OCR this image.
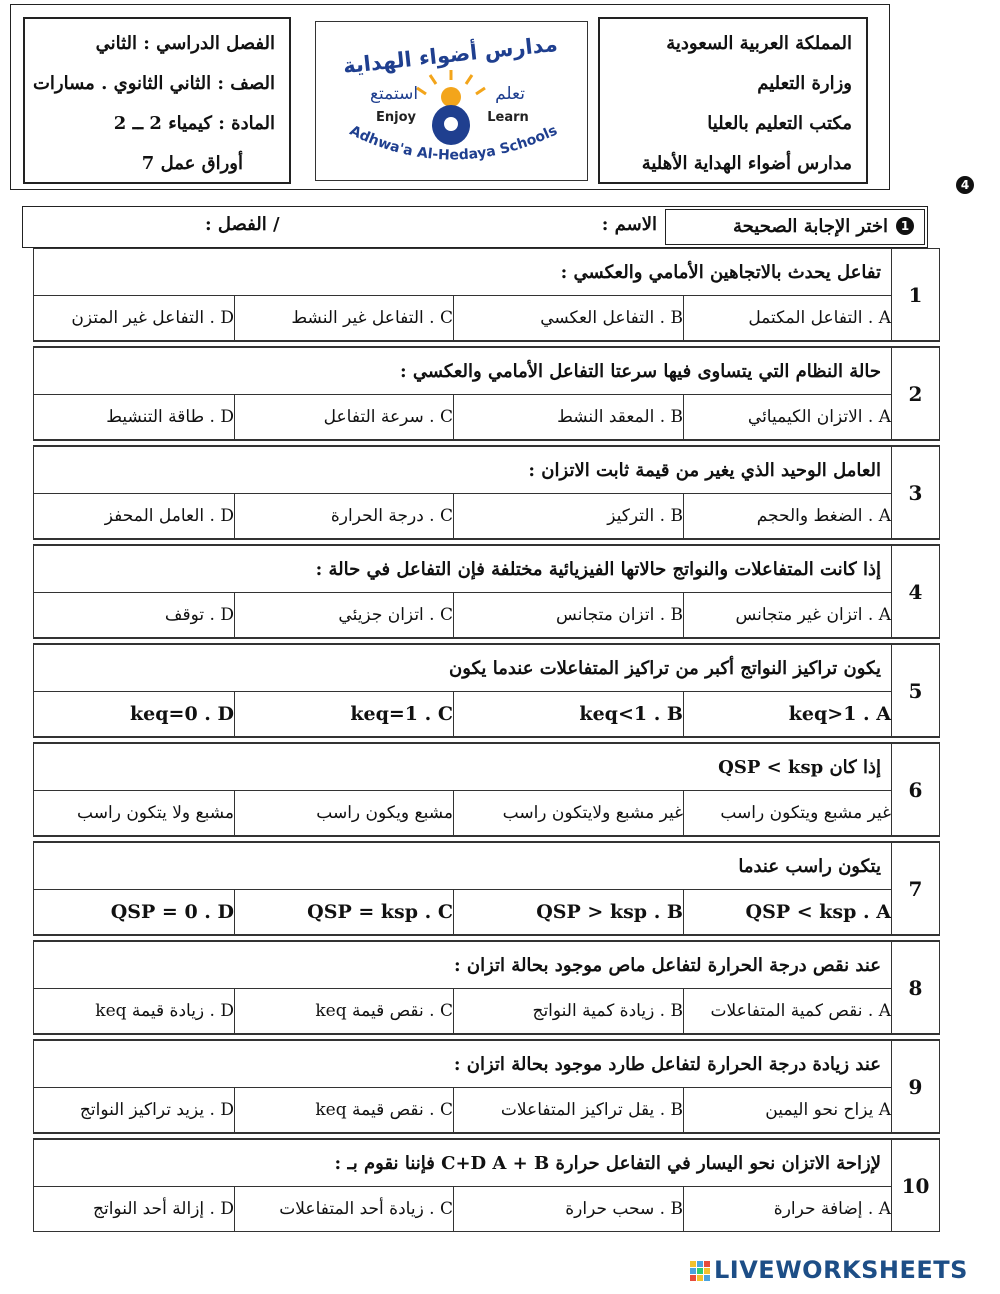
المملكة العربية السعودية
وزارة التعليم
مكتب التعليم بالعليا
مدارس أضواء الهداية الأهلية
مدارس أضواء الهداية
استمتع	تعلم
Enjoy	Learn
Adhwa'a Al-Hedaya Schools
الفصل الدراسي : الثاني
الصف : الثاني الثانوي . مسارات
المادة : كيمياء 2 ــ 2
أوراق عمل 7
4
1
اختر الإجابة الصحيحة
الاسم :
/ الفصل :
تفاعل يحدث بالاتجاهين الأمامي والعكسي :				1
D . التفاعل غير المتزن	C . التفاعل غير النشط	B . التفاعل العكسي	A . التفاعل المكتمل	

حالة النظام التي يتساوى فيها سرعتا التفاعل الأمامي والعكسي :				2
D . طاقة التنشيط	C . سرعة التفاعل	B . المعقد النشط	A . الاتزان الكيميائي	

العامل الوحيد الذي يغير من قيمة ثابت الاتزان :				3
D . العامل المحفز	C . درجة الحرارة	B . التركيز	A . الضغط والحجم	

إذا كانت المتفاعلات والنواتج حالاتها الفيزيائية مختلفة فإن التفاعل في حالة :				4
D . توقف	C . اتزان جزيئي	B . اتزان متجانس	A . اتزان غير متجانس	

يكون تراكيز النواتج أكبر من تراكيز المتفاعلات عندما يكون				5
keq=0 . D	keq=1 . C	keq<1 . B	keq>1 . A	

إذا كان QSP < ksp				6
مشبع ولا يتكون راسب	مشبع ويكون راسب	غير مشبع ولايتكون راسب	غير مشبع ويتكون راسب	

يتكون راسب عندما				7
QSP = 0 . D	QSP = ksp . C	QSP > ksp . B	QSP < ksp . A	

عند نقص درجة الحرارة لتفاعل ماص موجود بحالة اتزان :				8
D . زيادة قيمة keq	C . نقص قيمة keq	B . زيادة كمية النواتج	A . نقص كمية المتفاعلات	

عند زيادة درجة الحرارة لتفاعل طارد موجود بحالة اتزان :				9
D . يزيد تراكيز النواتج	C . نقص قيمة keq	B . يقل تراكيز المتفاعلات	A يزاح نحو اليمين	

لإزاحة الاتزان نحو اليسار في التفاعل حرارة C+D A + B فإننا نقوم بـ :				10
D . إزالة أحد النواتج	C . زيادة أحد المتفاعلات	B . سحب حرارة	A . إضافة حرارة	
LIVEWORKSHEETS
